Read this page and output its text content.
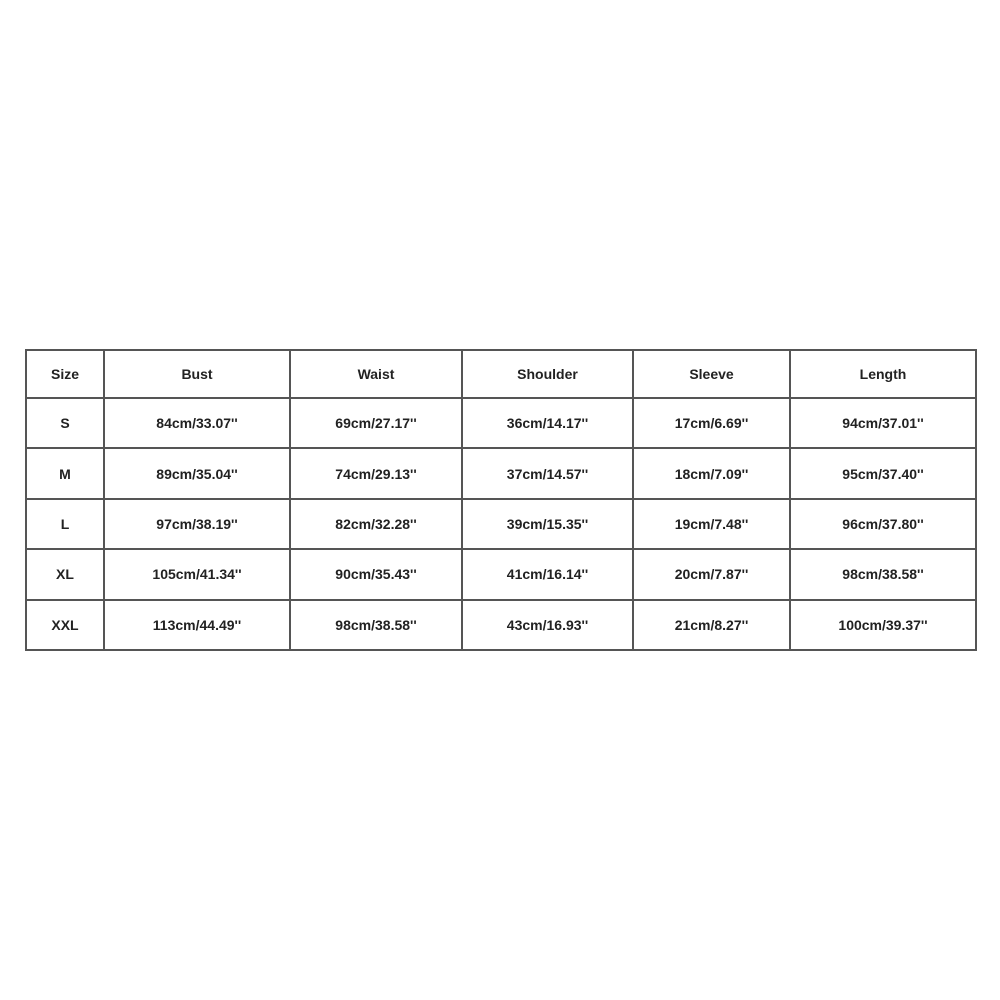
Size	Bust	Waist	Shoulder	Sleeve	Length
S	84cm/33.07''	69cm/27.17''	36cm/14.17''	17cm/6.69''	94cm/37.01''
M	89cm/35.04''	74cm/29.13''	37cm/14.57''	18cm/7.09''	95cm/37.40''
L	97cm/38.19''	82cm/32.28''	39cm/15.35''	19cm/7.48''	96cm/37.80''
XL	105cm/41.34''	90cm/35.43''	41cm/16.14''	20cm/7.87''	98cm/38.58''
XXL	113cm/44.49''	98cm/38.58''	43cm/16.93''	21cm/8.27''	100cm/39.37''
